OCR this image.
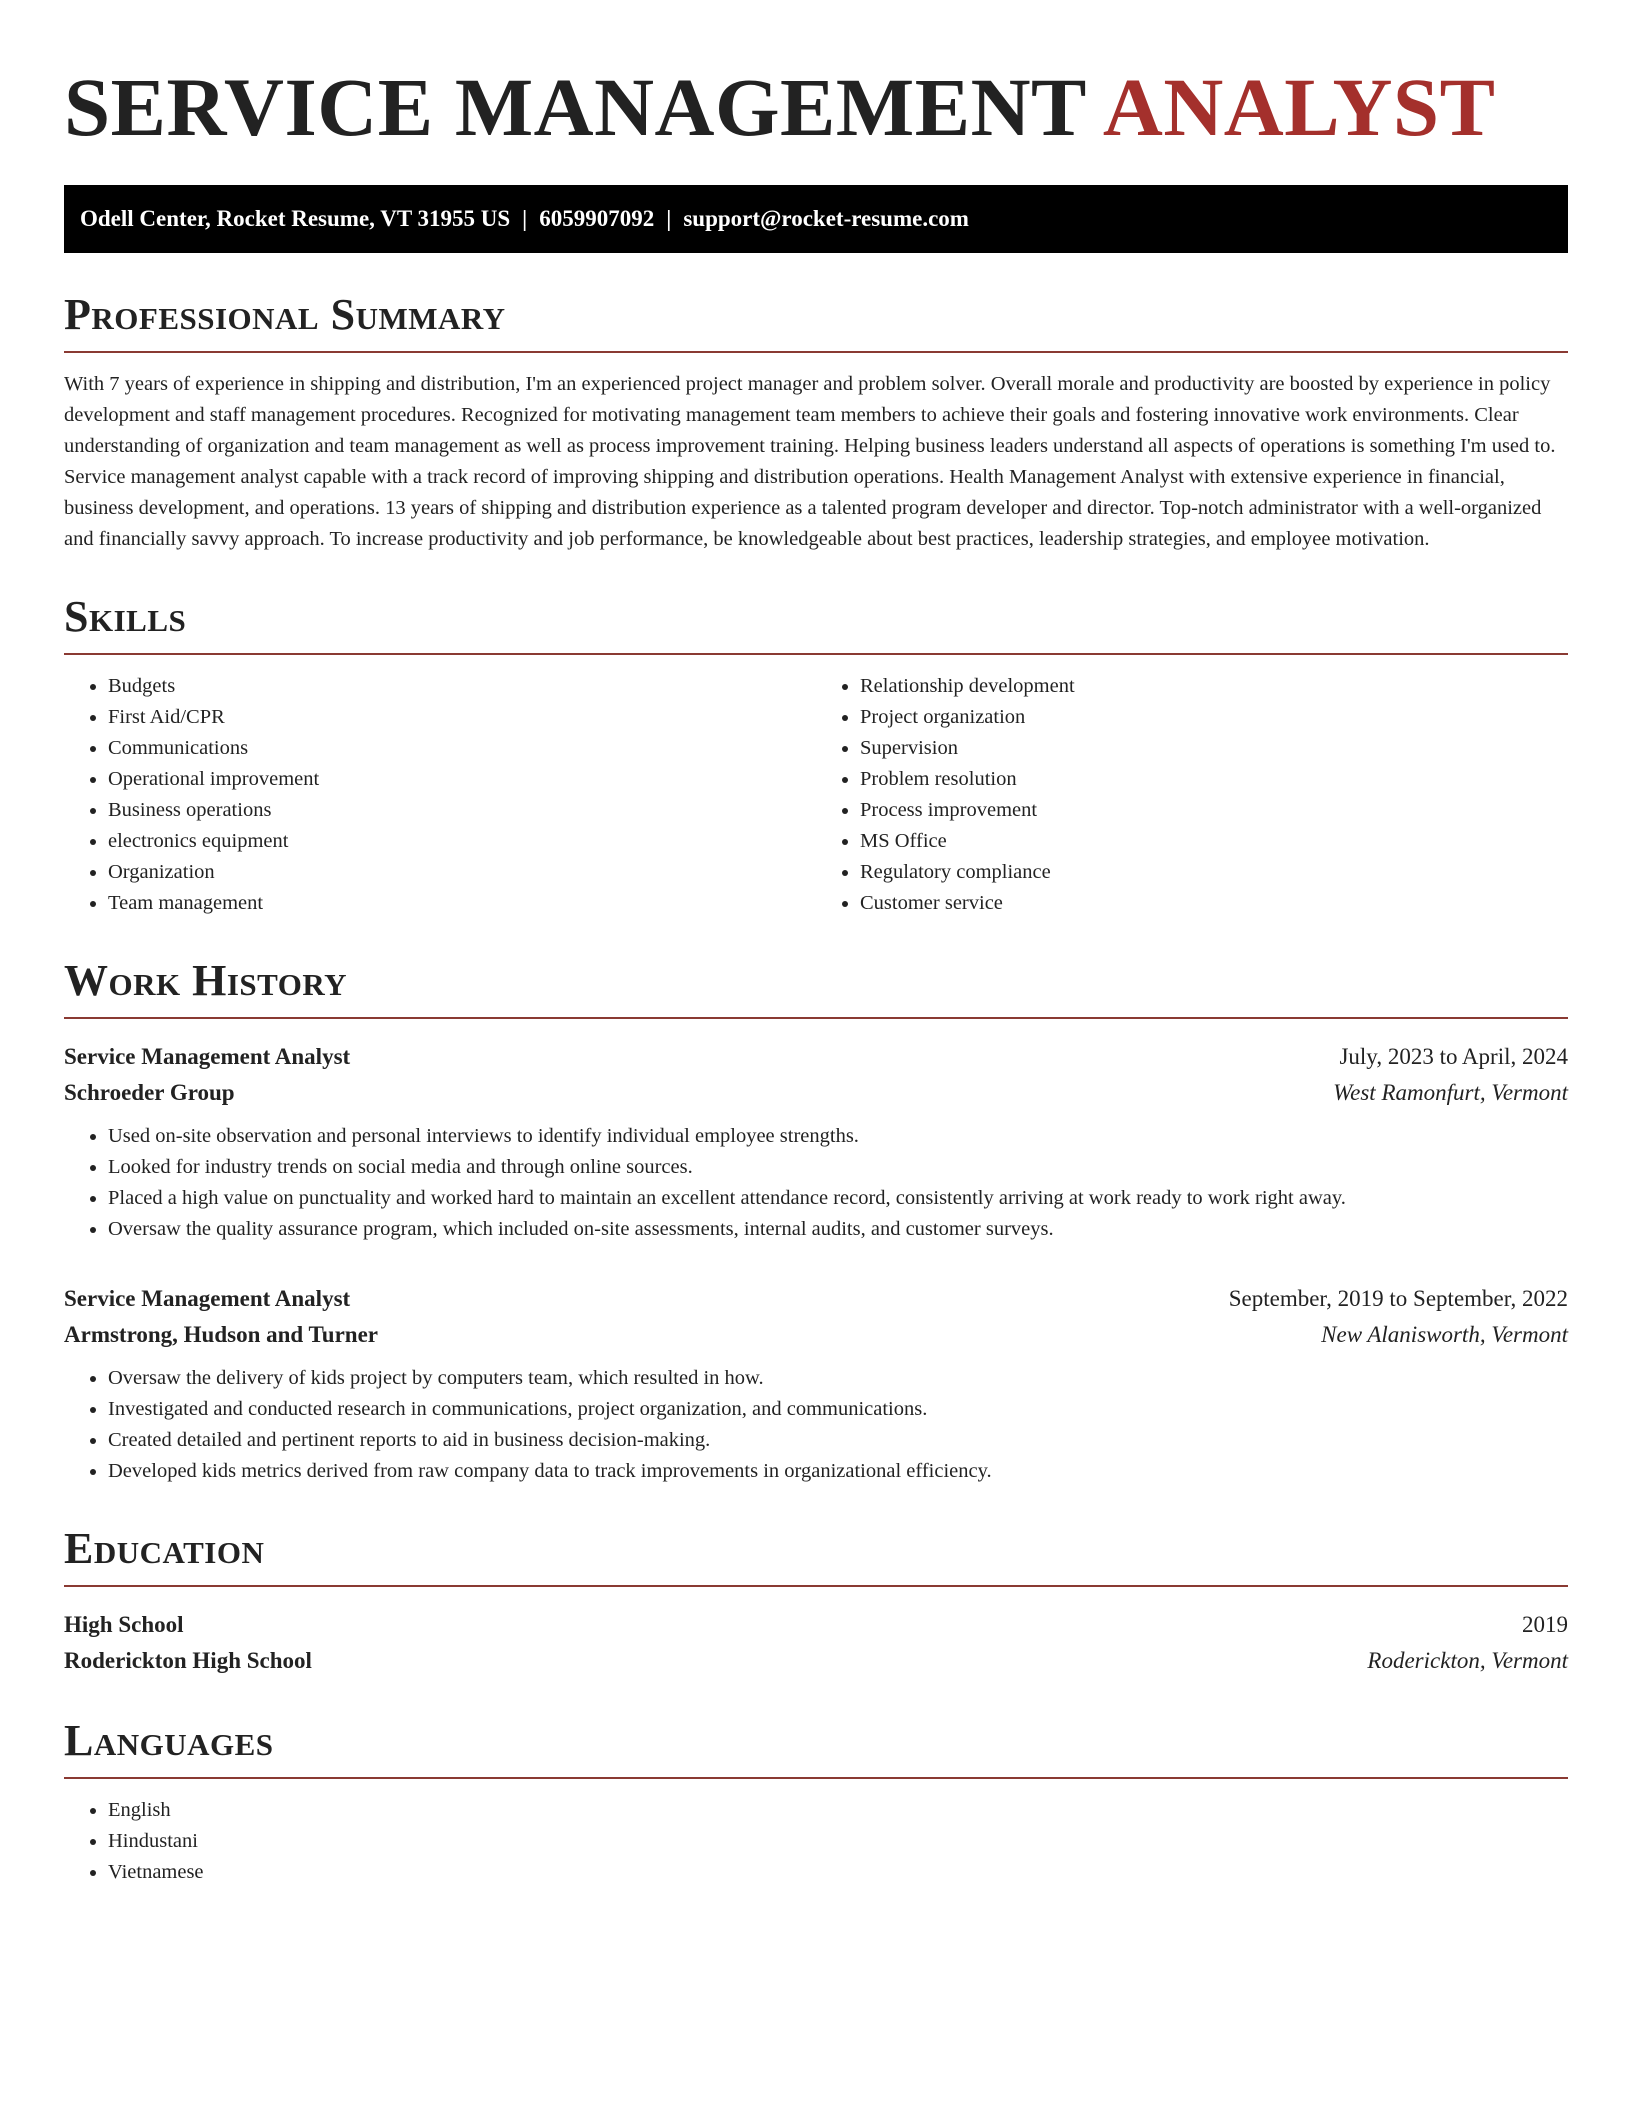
SERVICE MANAGEMENT ANALYST
Odell Center, Rocket Resume, VT 31955 US | 6059907092 | support@rocket-resume.com
Professional Summary

With 7 years of experience in shipping and distribution, I'm an experienced project manager and problem solver. Overall morale and productivity are boosted by experience in policy development and staff management procedures. Recognized for motivating management team members to achieve their goals and fostering innovative work environments. Clear understanding of organization and team management as well as process improvement training. Helping business leaders understand all aspects of operations is something I'm used to. Service management analyst capable with a track record of improving shipping and distribution operations. Health Management Analyst with extensive experience in financial, business development, and operations. 13 years of shipping and distribution experience as a talented program developer and director. Top-notch administrator with a well-organized and financially savvy approach. To increase productivity and job performance, be knowledgeable about best practices, leadership strategies, and employee motivation.

Skills
• Budgets
• First Aid/CPR
• Communications
• Operational improvement
• Business operations
• electronics equipment
• Organization
• Team management
• Relationship development
• Project organization
• Supervision
• Problem resolution
• Process improvement
• MS Office
• Regulatory compliance
• Customer service
Work History
Service Management Analyst	July, 2023 to April, 2024
Schroeder Group	West Ramonfurt, Vermont
• Used on-site observation and personal interviews to identify individual employee strengths.
• Looked for industry trends on social media and through online sources.
• Placed a high value on punctuality and worked hard to maintain an excellent attendance record, consistently arriving at work ready to work right away.
• Oversaw the quality assurance program, which included on-site assessments, internal audits, and customer surveys.
Service Management Analyst	September, 2019 to September, 2022
Armstrong, Hudson and Turner	New Alanisworth, Vermont
• Oversaw the delivery of kids project by computers team, which resulted in how.
• Investigated and conducted research in communications, project organization, and communications.
• Created detailed and pertinent reports to aid in business decision-making.
• Developed kids metrics derived from raw company data to track improvements in organizational efficiency.
Education
High School	2019
Roderickton High School	Roderickton, Vermont
Languages
• English
• Hindustani
• Vietnamese
